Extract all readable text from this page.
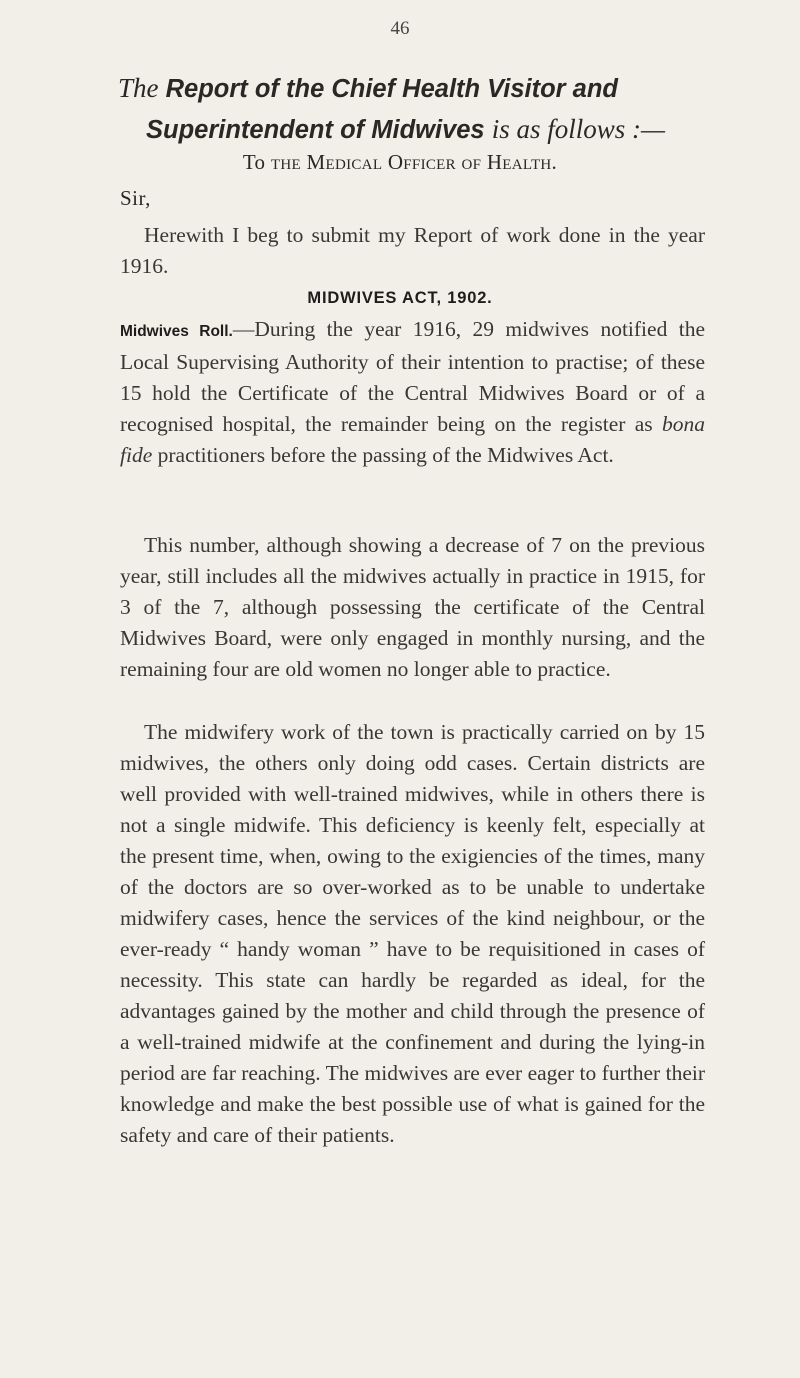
46
The Report of the Chief Health Visitor and
Superintendent of Midwives is as follows :—
To the Medical Officer of Health.
Sir,
Herewith I beg to submit my Report of work done in the year 1916.
MIDWIVES ACT, 1902.
Midwives Roll.—During the year 1916, 29 midwives notified the Local Supervising Authority of their intention to practise; of these 15 hold the Certificate of the Central Midwives Board or of a recognised hospital, the remainder being on the register as bona fide practitioners before the passing of the Midwives Act.
This number, although showing a decrease of 7 on the previous year, still includes all the midwives actually in practice in 1915, for 3 of the 7, although possessing the certificate of the Central Midwives Board, were only engaged in monthly nursing, and the remaining four are old women no longer able to practice.
The midwifery work of the town is practically carried on by 15 midwives, the others only doing odd cases. Certain districts are well provided with well-trained midwives, while in others there is not a single midwife. This deficiency is keenly felt, especially at the present time, when, owing to the exigiencies of the times, many of the doctors are so over-worked as to be unable to undertake midwifery cases, hence the services of the kind neighbour, or the ever-ready “ handy woman ” have to be requisitioned in cases of necessity. This state can hardly be regarded as ideal, for the advantages gained by the mother and child through the presence of a well-trained midwife at the confinement and during the lying-in period are far reaching. The midwives are ever eager to further their knowledge and make the best possible use of what is gained for the safety and care of their patients.
